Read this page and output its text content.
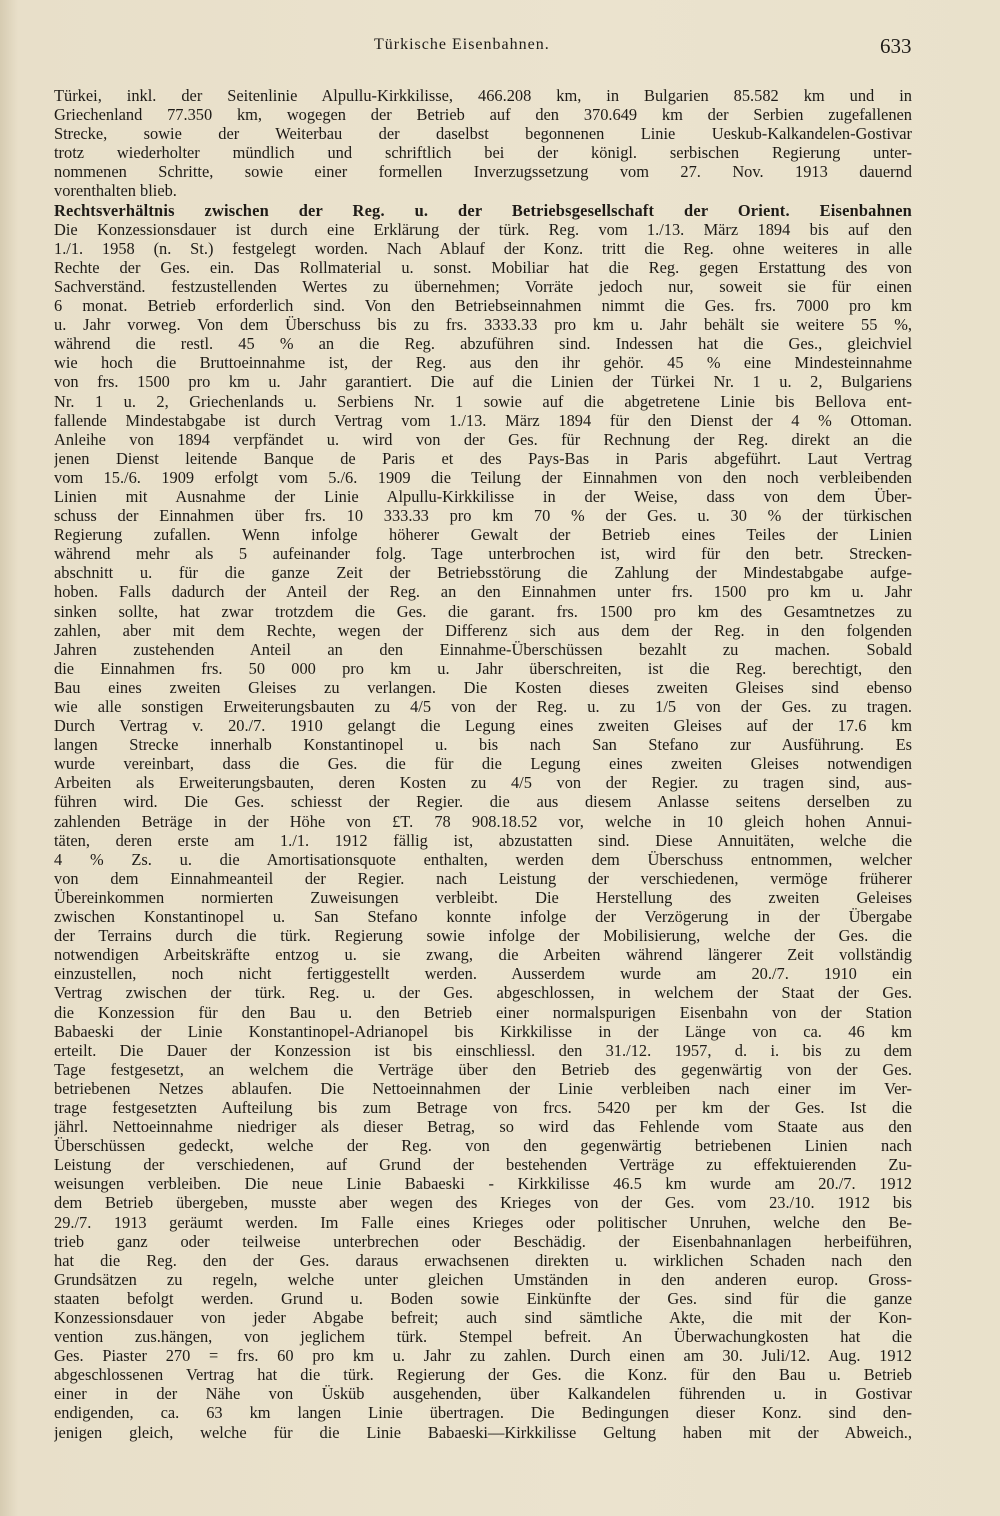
Türkische Eisenbahnen.	633
Türkei, inkl. der Seitenlinie Alpullu-Kirkkilisse, 466.208 km, in Bulgarien 85.582 km und in
Griechenland 77.350 km, wogegen der Betrieb auf den 370.649 km der Serbien zugefallenen
Strecke, sowie der Weiterbau der daselbst begonnenen Linie Ueskub-Kalkandelen-Gostivar
trotz wiederholter mündlich und schriftlich bei der königl. serbischen Regierung unter-
nommenen Schritte, sowie einer formellen Inverzugssetzung vom 27. Nov. 1913 dauernd
vorenthalten blieb.
Rechtsverhältnis zwischen der Reg. u. der Betriebsgesellschaft der Orient. Eisenbahnen
Die Konzessionsdauer ist durch eine Erklärung der türk. Reg. vom 1./13. März 1894 bis auf den
1./1. 1958 (n. St.) festgelegt worden. Nach Ablauf der Konz. tritt die Reg. ohne weiteres in alle
Rechte der Ges. ein. Das Rollmaterial u. sonst. Mobiliar hat die Reg. gegen Erstattung des von
Sachverständ. festzustellenden Wertes zu übernehmen; Vorräte jedoch nur, soweit sie für einen
6 monat. Betrieb erforderlich sind. Von den Betriebseinnahmen nimmt die Ges. frs. 7000 pro km
u. Jahr vorweg. Von dem Überschuss bis zu frs. 3333.33 pro km u. Jahr behält sie weitere 55 %,
während die restl. 45 % an die Reg. abzuführen sind. Indessen hat die Ges., gleichviel
wie hoch die Bruttoeinnahme ist, der Reg. aus den ihr gehör. 45 % eine Mindesteinnahme
von frs. 1500 pro km u. Jahr garantiert. Die auf die Linien der Türkei Nr. 1 u. 2, Bulgariens
Nr. 1 u. 2, Griechenlands u. Serbiens Nr. 1 sowie auf die abgetretene Linie bis Bellova ent-
fallende Mindestabgabe ist durch Vertrag vom 1./13. März 1894 für den Dienst der 4 % Ottoman.
Anleihe von 1894 verpfändet u. wird von der Ges. für Rechnung der Reg. direkt an die
jenen Dienst leitende Banque de Paris et des Pays-Bas in Paris abgeführt. Laut Vertrag
vom 15./6. 1909 erfolgt vom 5./6. 1909 die Teilung der Einnahmen von den noch verbleibenden
Linien mit Ausnahme der Linie Alpullu-Kirkkilisse in der Weise, dass von dem Über-
schuss der Einnahmen über frs. 10 333.33 pro km 70 % der Ges. u. 30 % der türkischen
Regierung zufallen. Wenn infolge höherer Gewalt der Betrieb eines Teiles der Linien
während mehr als 5 aufeinander folg. Tage unterbrochen ist, wird für den betr. Strecken-
abschnitt u. für die ganze Zeit der Betriebsstörung die Zahlung der Mindestabgabe aufge-
hoben. Falls dadurch der Anteil der Reg. an den Einnahmen unter frs. 1500 pro km u. Jahr
sinken sollte, hat zwar trotzdem die Ges. die garant. frs. 1500 pro km des Gesamtnetzes zu
zahlen, aber mit dem Rechte, wegen der Differenz sich aus dem der Reg. in den folgenden
Jahren zustehenden Anteil an den Einnahme-Überschüssen bezahlt zu machen. Sobald
die Einnahmen frs. 50 000 pro km u. Jahr überschreiten, ist die Reg. berechtigt, den
Bau eines zweiten Gleises zu verlangen. Die Kosten dieses zweiten Gleises sind ebenso
wie alle sonstigen Erweiterungsbauten zu 4/5 von der Reg. u. zu 1/5 von der Ges. zu tragen.
Durch Vertrag v. 20./7. 1910 gelangt die Legung eines zweiten Gleises auf der 17.6 km
langen Strecke innerhalb Konstantinopel u. bis nach San Stefano zur Ausführung. Es
wurde vereinbart, dass die Ges. die für die Legung eines zweiten Gleises notwendigen
Arbeiten als Erweiterungsbauten, deren Kosten zu 4/5 von der Regier. zu tragen sind, aus-
führen wird. Die Ges. schiesst der Regier. die aus diesem Anlasse seitens derselben zu
zahlenden Beträge in der Höhe von £T. 78 908.18.52 vor, welche in 10 gleich hohen Annui-
täten, deren erste am 1./1. 1912 fällig ist, abzustatten sind. Diese Annuitäten, welche die
4 % Zs. u. die Amortisationsquote enthalten, werden dem Überschuss entnommen, welcher
von dem Einnahmeanteil der Regier. nach Leistung der verschiedenen, vermöge früherer
Übereinkommen normierten Zuweisungen verbleibt. Die Herstellung des zweiten Geleises
zwischen Konstantinopel u. San Stefano konnte infolge der Verzögerung in der Übergabe
der Terrains durch die türk. Regierung sowie infolge der Mobilisierung, welche der Ges. die
notwendigen Arbeitskräfte entzog u. sie zwang, die Arbeiten während längerer Zeit vollständig
einzustellen, noch nicht fertiggestellt werden. Ausserdem wurde am 20./7. 1910 ein
Vertrag zwischen der türk. Reg. u. der Ges. abgeschlossen, in welchem der Staat der Ges.
die Konzession für den Bau u. den Betrieb einer normalspurigen Eisenbahn von der Station
Babaeski der Linie Konstantinopel-Adrianopel bis Kirkkilisse in der Länge von ca. 46 km
erteilt. Die Dauer der Konzession ist bis einschliessl. den 31./12. 1957, d. i. bis zu dem
Tage festgesetzt, an welchem die Verträge über den Betrieb des gegenwärtig von der Ges.
betriebenen Netzes ablaufen. Die Nettoeinnahmen der Linie verbleiben nach einer im Ver-
trage festgesetzten Aufteilung bis zum Betrage von frcs. 5420 per km der Ges. Ist die
jährl. Nettoeinnahme niedriger als dieser Betrag, so wird das Fehlende vom Staate aus den
Überschüssen gedeckt, welche der Reg. von den gegenwärtig betriebenen Linien nach
Leistung der verschiedenen, auf Grund der bestehenden Verträge zu effektuierenden Zu-
weisungen verbleiben. Die neue Linie Babaeski - Kirkkilisse 46.5 km wurde am 20./7. 1912
dem Betrieb übergeben, musste aber wegen des Krieges von der Ges. vom 23./10. 1912 bis
29./7. 1913 geräumt werden. Im Falle eines Krieges oder politischer Unruhen, welche den Be-
trieb ganz oder teilweise unterbrechen oder Beschädig. der Eisenbahnanlagen herbeiführen,
hat die Reg. den der Ges. daraus erwachsenen direkten u. wirklichen Schaden nach den
Grundsätzen zu regeln, welche unter gleichen Umständen in den anderen europ. Gross-
staaten befolgt werden. Grund u. Boden sowie Einkünfte der Ges. sind für die ganze
Konzessionsdauer von jeder Abgabe befreit; auch sind sämtliche Akte, die mit der Kon-
vention zus.hängen, von jeglichem türk. Stempel befreit. An Überwachungkosten hat die
Ges. Piaster 270 = frs. 60 pro km u. Jahr zu zahlen. Durch einen am 30. Juli/12. Aug. 1912
abgeschlossenen Vertrag hat die türk. Regierung der Ges. die Konz. für den Bau u. Betrieb
einer in der Nähe von Üsküb ausgehenden, über Kalkandelen führenden u. in Gostivar
endigenden, ca. 63 km langen Linie übertragen. Die Bedingungen dieser Konz. sind den-
jenigen gleich, welche für die Linie Babaeski—Kirkkilisse Geltung haben mit der Abweich.,
